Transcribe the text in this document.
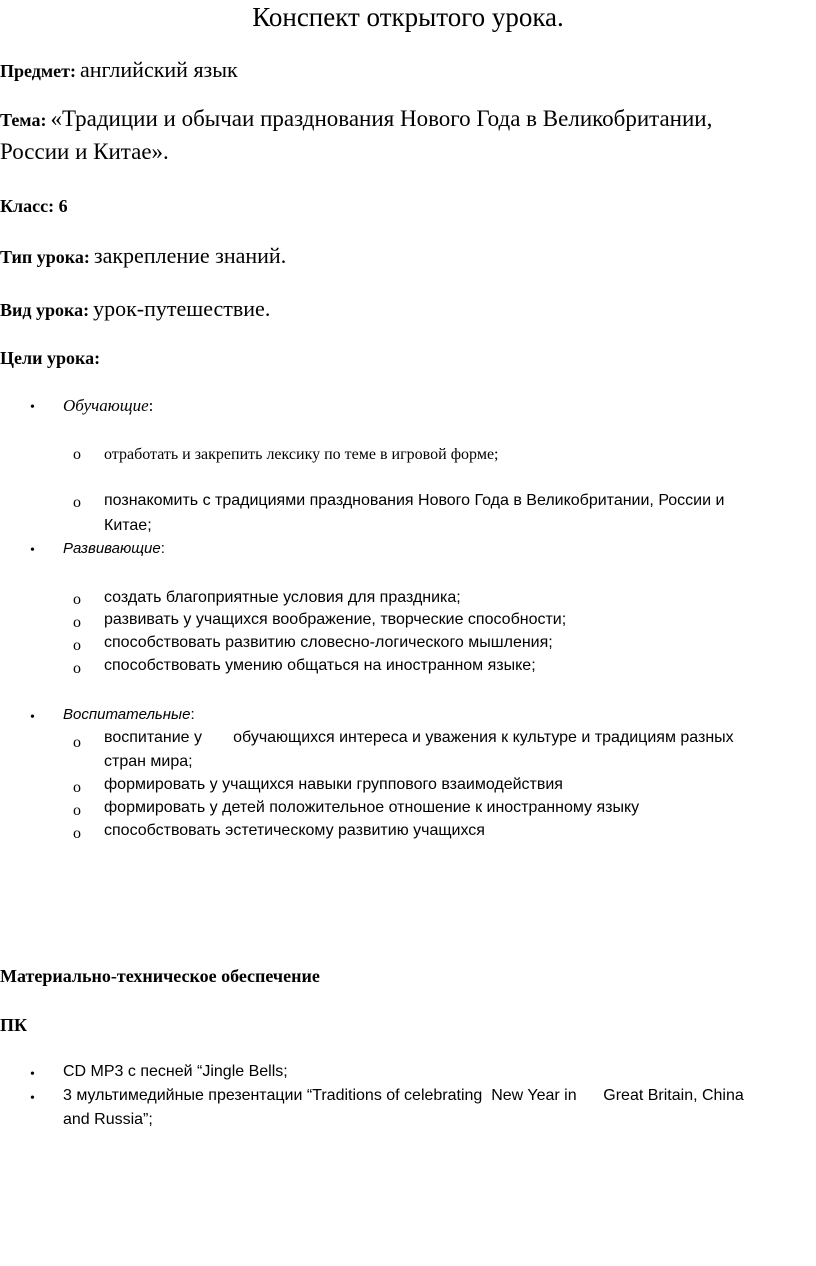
Конспект открытого урока.
Предмет: английский язык
Тема: «Традиции и обычаи празднования Нового Года в Великобритании,
России и Китае».
Класс: 6
Тип урока: закрепление знаний.
Вид урока: урок-путешествие.
Цели урока:
• Обучающие:
o отработать и закрепить лексику по теме в игровой форме;
o познакомить с традициями празднования Нового Года в Великобритании, России и
Китае;
• Развивающие:
o создать благоприятные условия для праздника;
o развивать у учащихся воображение, творческие способности;
o способствовать развитию словесно-логического мышления;
o способствовать умению общаться на иностранном языке;
• Воспитательные:
o воспитание у       обучающихся интереса и уважения к культуре и традициям разных
стран мира;
o формировать у учащихся навыки группового взаимодействия
o формировать у детей положительное отношение к иностранному языку
o способствовать эстетическому развитию учащихся
Материально-техническое обеспечение
ПК
• CD MP3 с песней “Jingle Bells;
• 3 мультимедийные презентации “Traditions of celebrating  New Year in      Great Britain, China
and Russia”;
